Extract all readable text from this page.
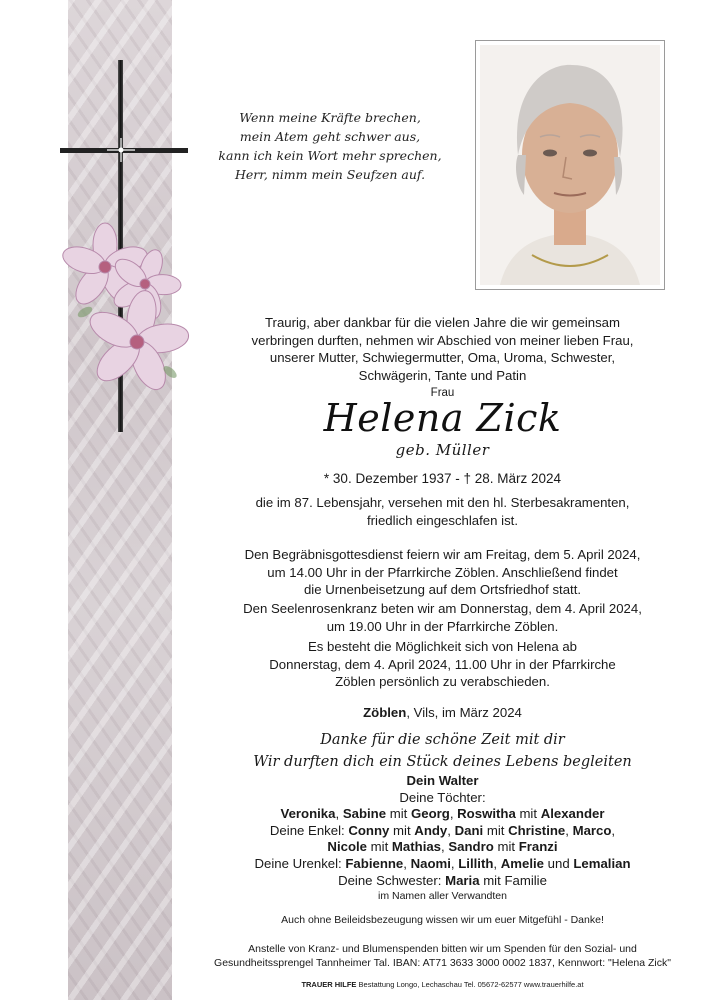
Wenn meine Kräfte brechen,
mein Atem geht schwer aus,
kann ich kein Wort mehr sprechen,
Herr, nimm mein Seufzen auf.
Traurig, aber dankbar für die vielen Jahre die wir gemeinsam
verbringen durften, nehmen wir Abschied von meiner lieben Frau,
unserer Mutter, Schwiegermutter, Oma, Uroma, Schwester,
Schwägerin, Tante und Patin
Frau
Helena Zick
geb. Müller
* 30. Dezember 1937 - † 28. März 2024
die im 87. Lebensjahr, versehen mit den hl. Sterbesakramenten,
friedlich eingeschlafen ist.
Den Begräbnisgottesdienst feiern wir am Freitag, dem 5. April 2024,
um 14.00 Uhr in der Pfarrkirche Zöblen. Anschließend findet
die Urnenbeisetzung auf dem Ortsfriedhof statt.
Den Seelenrosenkranz beten wir am Donnerstag, dem 4. April 2024,
um 19.00 Uhr in der Pfarrkirche Zöblen.
Es besteht die Möglichkeit sich von Helena ab
Donnerstag, dem 4. April 2024, 11.00 Uhr in der Pfarrkirche
Zöblen persönlich zu verabschieden.
Zöblen, Vils, im März 2024
Danke für die schöne Zeit mit dir
Wir durften dich ein Stück deines Lebens begleiten
Dein Walter
Deine Töchter:
Veronika, Sabine mit Georg, Roswitha mit Alexander
Deine Enkel: Conny mit Andy, Dani mit Christine, Marco,
Nicole mit Mathias, Sandro mit Franzi
Deine Urenkel: Fabienne, Naomi, Lillith, Amelie und Lemalian
Deine Schwester: Maria mit Familie
im Namen aller Verwandten
Auch ohne Beileidsbezeugung wissen wir um euer Mitgefühl - Danke!
Anstelle von Kranz- und Blumenspenden bitten wir um Spenden für den Sozial- und
Gesundheitssprengel Tannheimer Tal. IBAN: AT71 3633 3000 0002 1837, Kennwort: "Helena Zick"
TRAUER HILFE Bestattung Longo, Lechaschau Tel. 05672-62577 www.trauerhilfe.at
